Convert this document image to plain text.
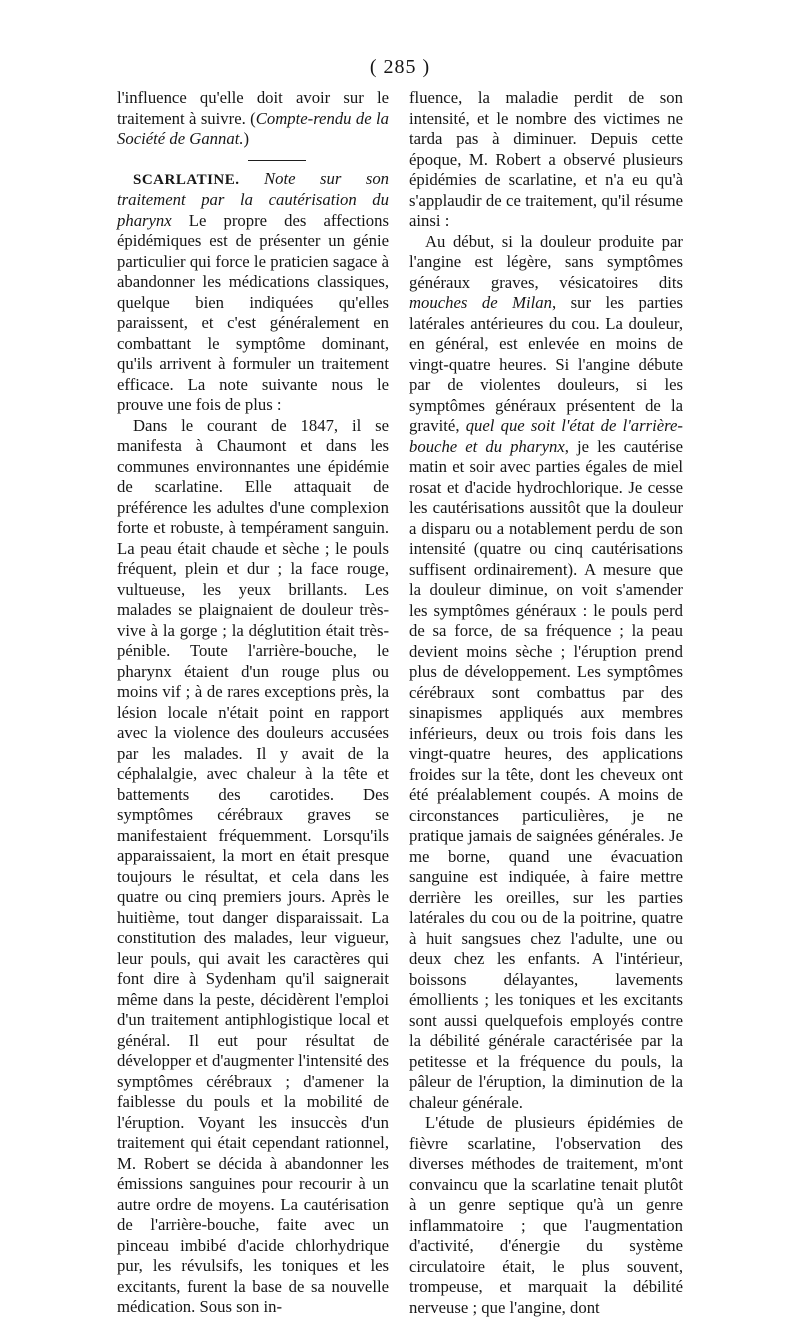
( 285 )

l'influence qu'elle doit avoir sur le traitement à suivre. (Compte-rendu de la Société de Gannat.)

SCARLATINE. Note sur son traitement par la cautérisation du pharynx Le propre des affections épidémiques est de présenter un génie particulier qui force le praticien sagace à abandonner les médications classiques, quelque bien indiquées qu'elles paraissent, et c'est généralement en combattant le symptôme dominant, qu'ils arrivent à formuler un traitement efficace. La note suivante nous le prouve une fois de plus :

Dans le courant de 1847, il se manifesta à Chaumont et dans les communes environnantes une épidémie de scarlatine. Elle attaquait de préférence les adultes d'une complexion forte et robuste, à tempérament sanguin. La peau était chaude et sèche ; le pouls fréquent, plein et dur ; la face rouge, vultueuse, les yeux brillants. Les malades se plaignaient de douleur très-vive à la gorge ; la déglutition était très-pénible. Toute l'arrière-bouche, le pharynx étaient d'un rouge plus ou moins vif ; à de rares exceptions près, la lésion locale n'était point en rapport avec la violence des douleurs accusées par les malades. Il y avait de la céphalalgie, avec chaleur à la tête et battements des carotides. Des symptômes cérébraux graves se manifestaient fréquemment. Lorsqu'ils apparaissaient, la mort en était presque toujours le résultat, et cela dans les quatre ou cinq premiers jours. Après le huitième, tout danger disparaissait. La constitution des malades, leur vigueur, leur pouls, qui avait les caractères qui font dire à Sydenham qu'il saignerait même dans la peste, décidèrent l'emploi d'un traitement antiphlogistique local et général. Il eut pour résultat de développer et d'augmenter l'intensité des symptômes cérébraux ; d'amener la faiblesse du pouls et la mobilité de l'éruption. Voyant les insuccès d'un traitement qui était cependant rationnel, M. Robert se décida à abandonner les émissions sanguines pour recourir à un autre ordre de moyens. La cautérisation de l'arrière-bouche, faite avec un pinceau imbibé d'acide chlorhydrique pur, les révulsifs, les toniques et les excitants, furent la base de sa nouvelle médication. Sous son in-

fluence, la maladie perdit de son intensité, et le nombre des victimes ne tarda pas à diminuer. Depuis cette époque, M. Robert a observé plusieurs épidémies de scarlatine, et n'a eu qu'à s'applaudir de ce traitement, qu'il résume ainsi :

Au début, si la douleur produite par l'angine est légère, sans symptômes généraux graves, vésicatoires dits mouches de Milan, sur les parties latérales antérieures du cou. La douleur, en général, est enlevée en moins de vingt-quatre heures. Si l'angine débute par de violentes douleurs, si les symptômes généraux présentent de la gravité, quel que soit l'état de l'arrière-bouche et du pharynx, je les cautérise matin et soir avec parties égales de miel rosat et d'acide hydrochlorique. Je cesse les cautérisations aussitôt que la douleur a disparu ou a notablement perdu de son intensité (quatre ou cinq cautérisations suffisent ordinairement). A mesure que la douleur diminue, on voit s'amender les symptômes généraux : le pouls perd de sa force, de sa fréquence ; la peau devient moins sèche ; l'éruption prend plus de développement. Les symptômes cérébraux sont combattus par des sinapismes appliqués aux membres inférieurs, deux ou trois fois dans les vingt-quatre heures, des applications froides sur la tête, dont les cheveux ont été préalablement coupés. A moins de circonstances particulières, je ne pratique jamais de saignées générales. Je me borne, quand une évacuation sanguine est indiquée, à faire mettre derrière les oreilles, sur les parties latérales du cou ou de la poitrine, quatre à huit sangsues chez l'adulte, une ou deux chez les enfants. A l'intérieur, boissons délayantes, lavements émollients ; les toniques et les excitants sont aussi quelquefois employés contre la débilité générale caractérisée par la petitesse et la fréquence du pouls, la pâleur de l'éruption, la diminution de la chaleur générale.

L'étude de plusieurs épidémies de fièvre scarlatine, l'observation des diverses méthodes de traitement, m'ont convaincu que la scarlatine tenait plutôt à un genre septique qu'à un genre inflammatoire ; que l'augmentation d'activité, d'énergie du système circulatoire était, le plus souvent, trompeuse, et marquait la débilité nerveuse ; que l'angine, dont
